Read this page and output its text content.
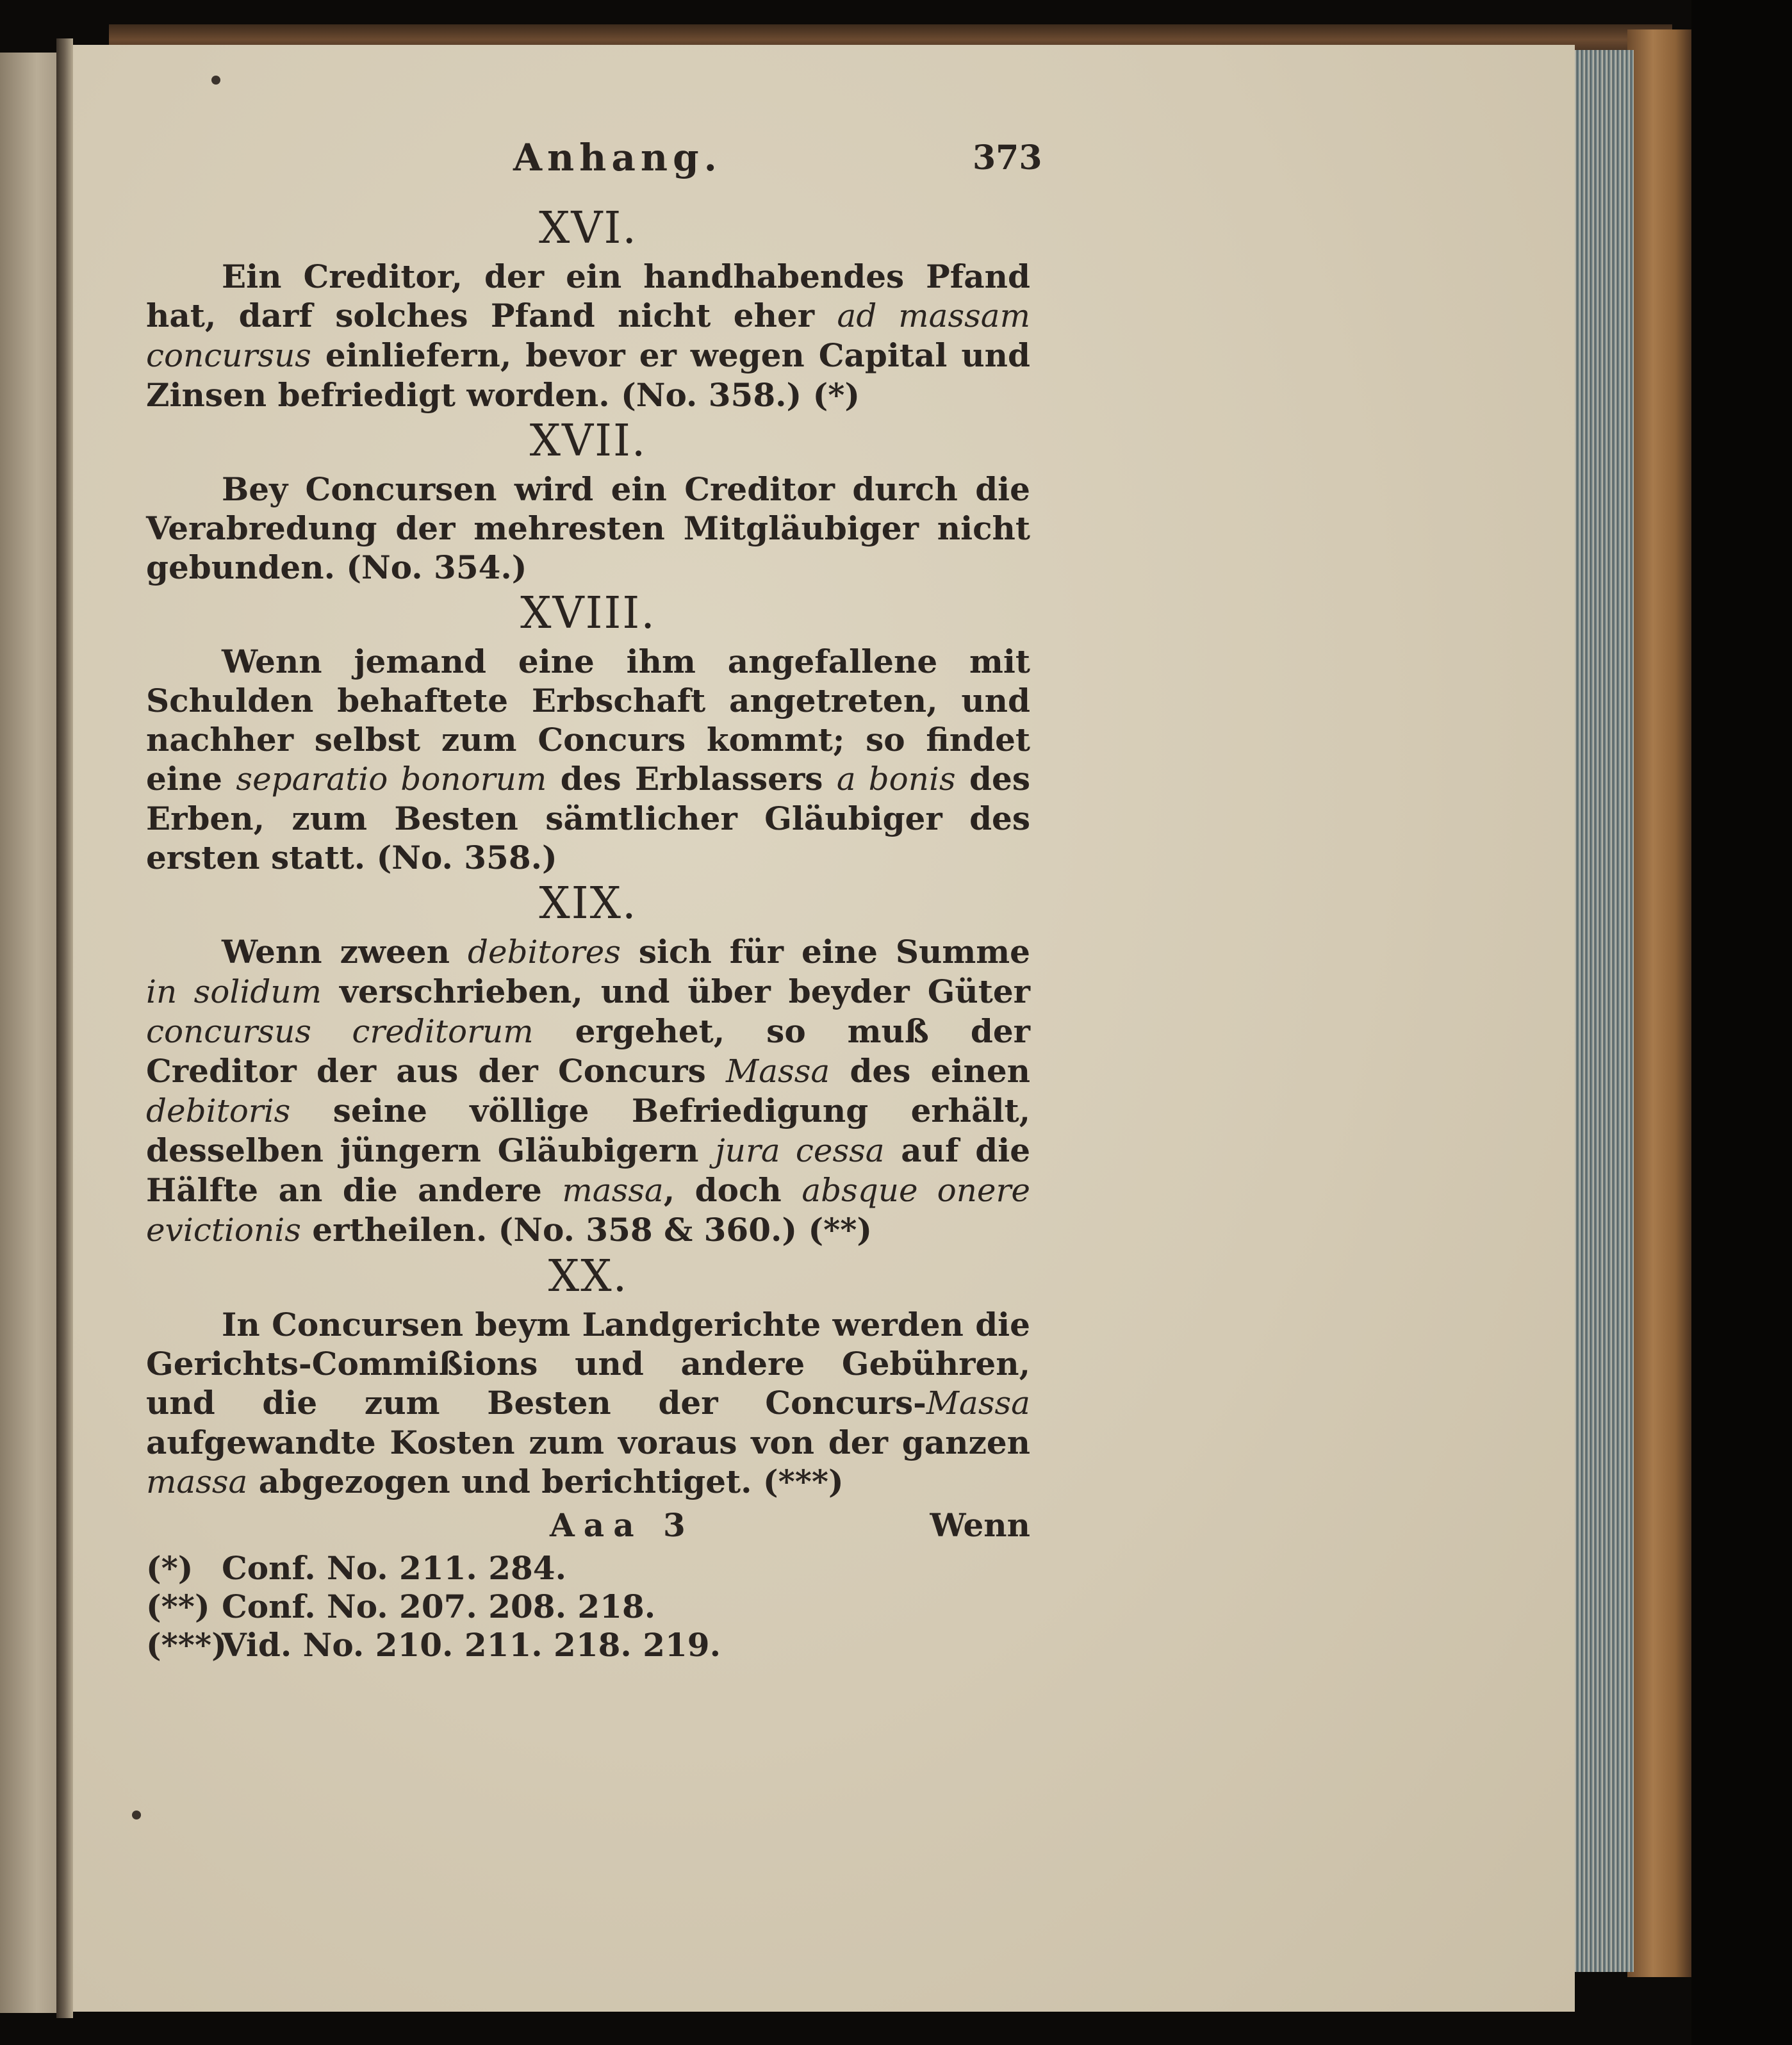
Anhang.	373
XVI.

Ein Creditor, der ein handhabendes Pfand hat, darf solches Pfand nicht eher ad massam concursus einliefern, bevor er wegen Capital und Zinsen befriedigt worden. (No. 358.) (*)

XVII.

Bey Concursen wird ein Creditor durch die Verabredung der mehresten Mitgläubiger nicht gebunden. (No. 354.)

XVIII.

Wenn jemand eine ihm angefallene mit Schulden behaftete Erbschaft angetreten, und nachher selbst zum Concurs kommt; so findet eine separatio bonorum des Erblassers a bonis des Erben, zum Besten sämtlicher Gläubiger des ersten statt. (No. 358.)

XIX.

Wenn zween debitores sich für eine Summe in solidum verschrieben, und über beyder Güter concursus creditorum ergehet, so muß der Creditor der aus der Concurs Massa des einen debitoris seine völlige Befriedigung erhält, desselben jüngern Gläubigern jura cessa auf die Hälfte an die andere massa, doch absque onere evictionis ertheilen. (No. 358 & 360.) (**)

XX.

In Concursen beym Landgerichte werden die Gerichts-Commißions und andere Gebühren, und die zum Besten der Concurs-Massa aufgewandte Kosten zum voraus von der ganzen massa abgezogen und berichtiget. (***)

Aaa 3	Wenn
(*) Conf. No. 211. 284.
(**) Conf. No. 207. 208. 218.
(***)Vid. No. 210. 211. 218. 219.
